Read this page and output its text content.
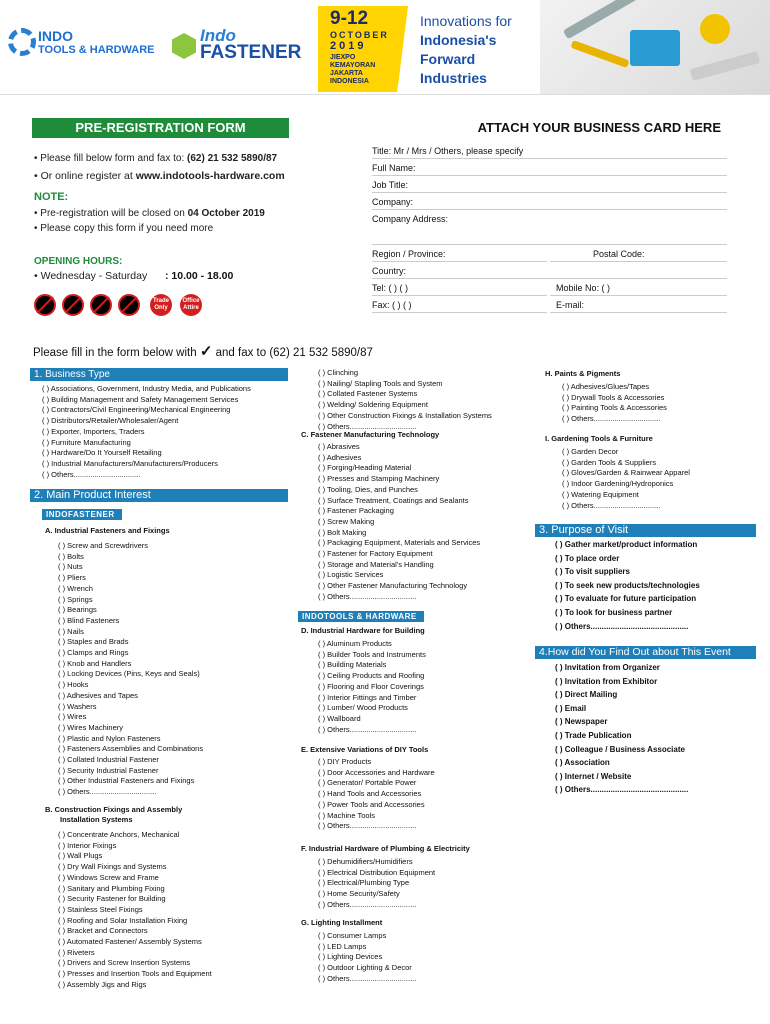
INDO
TOOLS & HARDWARE
Indo
FASTENER
9-12
OCTOBER
2019
JIEXPO KEMAYORAN JAKARTA INDONESIA
Innovations for
Indonesia's
Forward
Industries
PRE-REGISTRATION FORM	ATTACH YOUR BUSINESS CARD HERE
• Please fill below form and fax to: (62) 21 532 5890/87
• Or online register at www.indotools-hardware.com
NOTE:
• Pre-registration will be closed on 04 October 2019
• Please copy this form if you need more
OPENING HOURS:
• Wednesday - Saturday : 10.00 - 18.00
Trade Only
Office Attire
Title: Mr / Mrs / Others, please specify
Full Name:
Job Title:
Company:
Company Address:
Region / Province:	Postal Code:
Country:
Tel: ( ) ( )	Mobile No: ( )
Fax: ( ) ( )	E-mail:
Please fill in the form below with ✓ and fax to (62) 21 532 5890/87
1. Business Type
( ) Associations, Government, Industry Media, and Publications
( ) Building Management and Safety Management Services
( ) Contractors/Civil Engineering/Mechanical Engineering
( ) Distributors/Retailer/Wholesaler/Agent
( ) Exporter, Importers, Traders
( ) Furniture Manufacturing
( ) Hardware/Do It Yourself Retailing
( ) Industrial Manufacturers/Manufacturers/Producers
( ) Others................................
2. Main Product Interest
INDOFASTENER
A. Industrial Fasteners and Fixings
( ) Screw and Screwdrivers
( ) Bolts
( ) Nuts
( ) Pliers
( ) Wrench
( ) Springs
( ) Bearings
( ) Blind Fasteners
( ) Nails
( ) Staples and Brads
( ) Clamps and Rings
( ) Knob and Handlers
( ) Locking Devices (Pins, Keys and Seals)
( ) Hooks
( ) Adhesives and Tapes
( ) Washers
( ) Wires
( ) Wires Machinery
( ) Plastic and Nylon Fasteners
( ) Fasteners Assemblies and Combinations
( ) Collated Industrial Fastener
( ) Security Industrial Fastener
( ) Other Industrial Fasteners and Fixings
( ) Others................................
B. Construction Fixings and Assembly
Installation Systems
( ) Concentrate Anchors, Mechanical
( ) Interior Fixings
( ) Wall Plugs
( ) Dry Wall Fixings and Systems
( ) Windows Screw and Frame
( ) Sanitary and Plumbing Fixing
( ) Security Fastener for Building
( ) Stainless Steel Fixings
( ) Roofing and Solar Installation Fixing
( ) Bracket and Connectors
( ) Automated Fastener/ Assembly Systems
( ) Riveters
( ) Drivers and Screw Insertion Systems
( ) Presses and Insertion Tools and Equipment
( ) Assembly Jigs and Rigs
( ) Clinching
( ) Nailing/ Stapling Tools and System
( ) Collated Fastener Systems
( ) Welding/ Soldering Equipment
( ) Other Construction Fixings & Installation Systems
( ) Others................................
C. Fastener Manufacturing Technology
( ) Abrasives
( ) Adhesives
( ) Forging/Heading Material
( ) Presses and Stamping Machinery
( ) Tooling, Dies, and Punches
( ) Surface Treatment, Coatings and Sealants
( ) Fastener Packaging
( ) Screw Making
( ) Bolt Making
( ) Packaging Equipment, Materials and Services
( ) Fastener for Factory Equipment
( ) Storage and Material's Handling
( ) Logistic Services
( ) Other Fastener Manufacturing Technology
( ) Others................................
INDOTOOLS & HARDWARE
D. Industrial Hardware for Building
( ) Aluminum Products
( ) Builder Tools and Instruments
( ) Building Materials
( ) Ceiling Products and Roofing
( ) Flooring and Floor Coverings
( ) Interior Fittings and Timber
( ) Lumber/ Wood Products
( ) Wallboard
( ) Others................................
E. Extensive Variations of DIY Tools
( ) DIY Products
( ) Door Accessories and Hardware
( ) Generator/ Portable Power
( ) Hand Tools and Accessories
( ) Power Tools and Accessories
( ) Machine Tools
( ) Others................................
F. Industrial Hardware of Plumbing & Electricity
( ) Dehumidifiers/Humidifiers
( ) Electrical Distribution Equipment
( ) Electrical/Plumbing Type
( ) Home Security/Safety
( ) Others................................
G. Lighting Installment
( ) Consumer Lamps
( ) LED Lamps
( ) Lighting Devices
( ) Outdoor Lighting & Decor
( ) Others................................
H. Paints & Pigments
( ) Adhesives/Glues/Tapes
( ) Drywall Tools & Accessories
( ) Painting Tools & Accessories
( ) Others................................
I. Gardening Tools & Furniture
( ) Garden Decor
( ) Garden Tools & Suppliers
( ) Gloves/Garden & Rainwear Apparel
( ) Indoor Gardening/Hydroponics
( ) Watering Equipment
( ) Others................................
3. Purpose of Visit
( ) Gather market/product information
( ) To place order
( ) To visit suppliers
( ) To seek new products/technologies
( ) To evaluate for future participation
( ) To look for business partner
( ) Others............................................
4.How did You Find Out about This Event
( ) Invitation from Organizer
( ) Invitation from Exhibitor
( ) Direct Mailing
( ) Email
( ) Newspaper
( ) Trade Publication
( ) Colleague / Business Associate
( ) Association
( ) Internet / Website
( ) Others............................................
